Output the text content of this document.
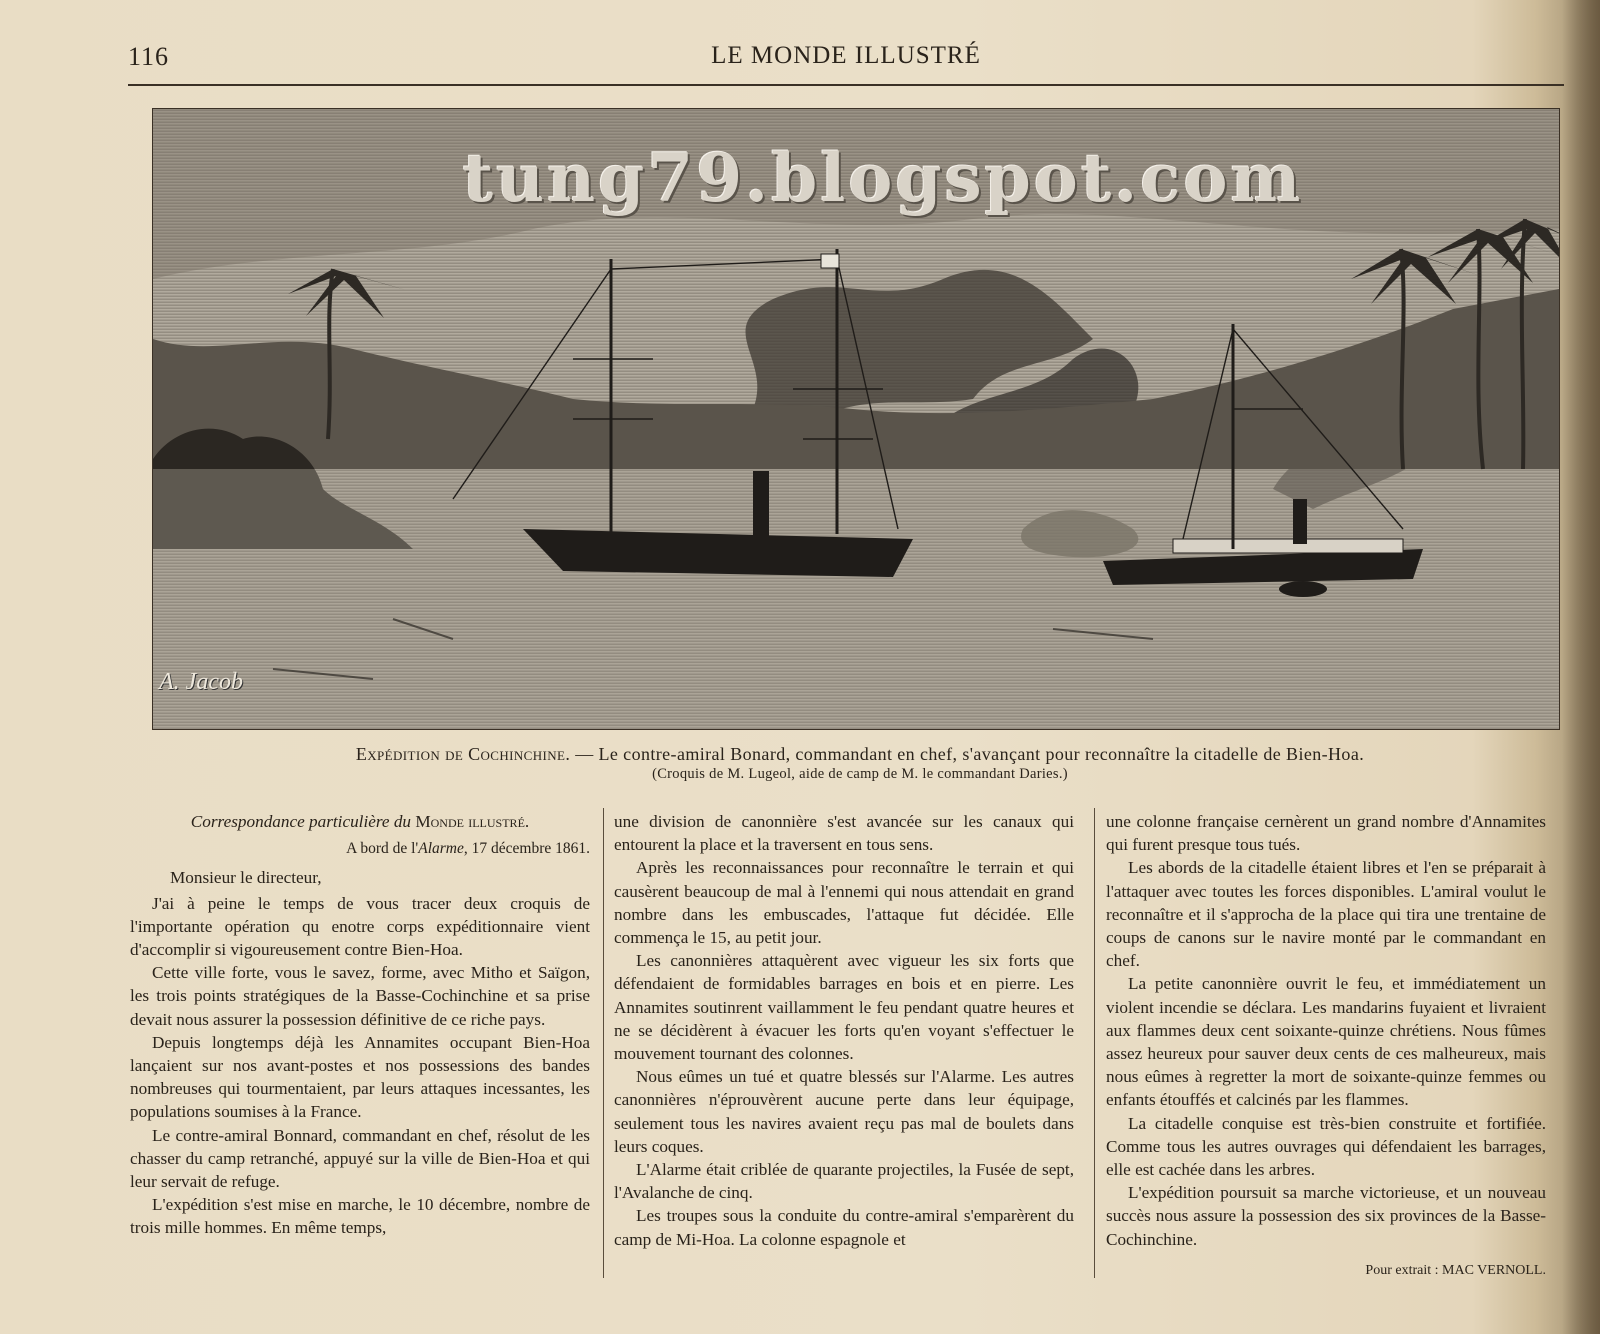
116	LE MONDE ILLUSTRÉ
tung79.blogspot.com
A. Jacob
Expédition de Cochinchine. — Le contre-amiral Bonard, commandant en chef, s'avançant pour reconnaître la citadelle de Bien-Hoa.
(Croquis de M. Lugeol, aide de camp de M. le commandant Daries.)

Correspondance particulière du Monde illustré.

A bord de l'Alarme, 17 décembre 1861.

Monsieur le directeur,

J'ai à peine le temps de vous tracer deux croquis de l'importante opération qu enotre corps expéditionnaire vient d'accomplir si vigoureusement contre Bien-Hoa.

Cette ville forte, vous le savez, forme, avec Mitho et Saïgon, les trois points stratégiques de la Basse-Cochinchine et sa prise devait nous assurer la possession définitive de ce riche pays.

Depuis longtemps déjà les Annamites occupant Bien-Hoa lançaient sur nos avant-postes et nos possessions des bandes nombreuses qui tourmentaient, par leurs attaques incessantes, les populations soumises à la France.

Le contre-amiral Bonnard, commandant en chef, résolut de les chasser du camp retranché, appuyé sur la ville de Bien-Hoa et qui leur servait de refuge.

L'expédition s'est mise en marche, le 10 décembre, nombre de trois mille hommes. En même temps,

une division de canonnière s'est avancée sur les canaux qui entourent la place et la traversent en tous sens.

Après les reconnaissances pour reconnaître le terrain et qui causèrent beaucoup de mal à l'ennemi qui nous attendait en grand nombre dans les embuscades, l'attaque fut décidée. Elle commença le 15, au petit jour.

Les canonnières attaquèrent avec vigueur les six forts que défendaient de formidables barrages en bois et en pierre. Les Annamites soutinrent vaillamment le feu pendant quatre heures et ne se décidèrent à évacuer les forts qu'en voyant s'effectuer le mouvement tournant des colonnes.

Nous eûmes un tué et quatre blessés sur l'Alarme. Les autres canonnières n'éprouvèrent aucune perte dans leur équipage, seulement tous les navires avaient reçu pas mal de boulets dans leurs coques.

L'Alarme était criblée de quarante projectiles, la Fusée de sept, l'Avalanche de cinq.

Les troupes sous la conduite du contre-amiral s'emparèrent du camp de Mi-Hoa. La colonne espagnole et

une colonne française cernèrent un grand nombre d'Annamites qui furent presque tous tués.

Les abords de la citadelle étaient libres et l'en se préparait à l'attaquer avec toutes les forces disponibles. L'amiral voulut le reconnaître et il s'approcha de la place qui tira une trentaine de coups de canons sur le navire monté par le commandant en chef.

La petite canonnière ouvrit le feu, et immédiatement un violent incendie se déclara. Les mandarins fuyaient et livraient aux flammes deux cent soixante-quinze chrétiens. Nous fûmes assez heureux pour sauver deux cents de ces malheureux, mais nous eûmes à regretter la mort de soixante-quinze femmes ou enfants étouffés et calcinés par les flammes.

La citadelle conquise est très-bien construite et fortifiée. Comme tous les autres ouvrages qui défendaient les barrages, elle est cachée dans les arbres.

L'expédition poursuit sa marche victorieuse, et un nouveau succès nous assure la possession des six provinces de la Basse-Cochinchine.

Pour extrait : MAC VERNOLL.
